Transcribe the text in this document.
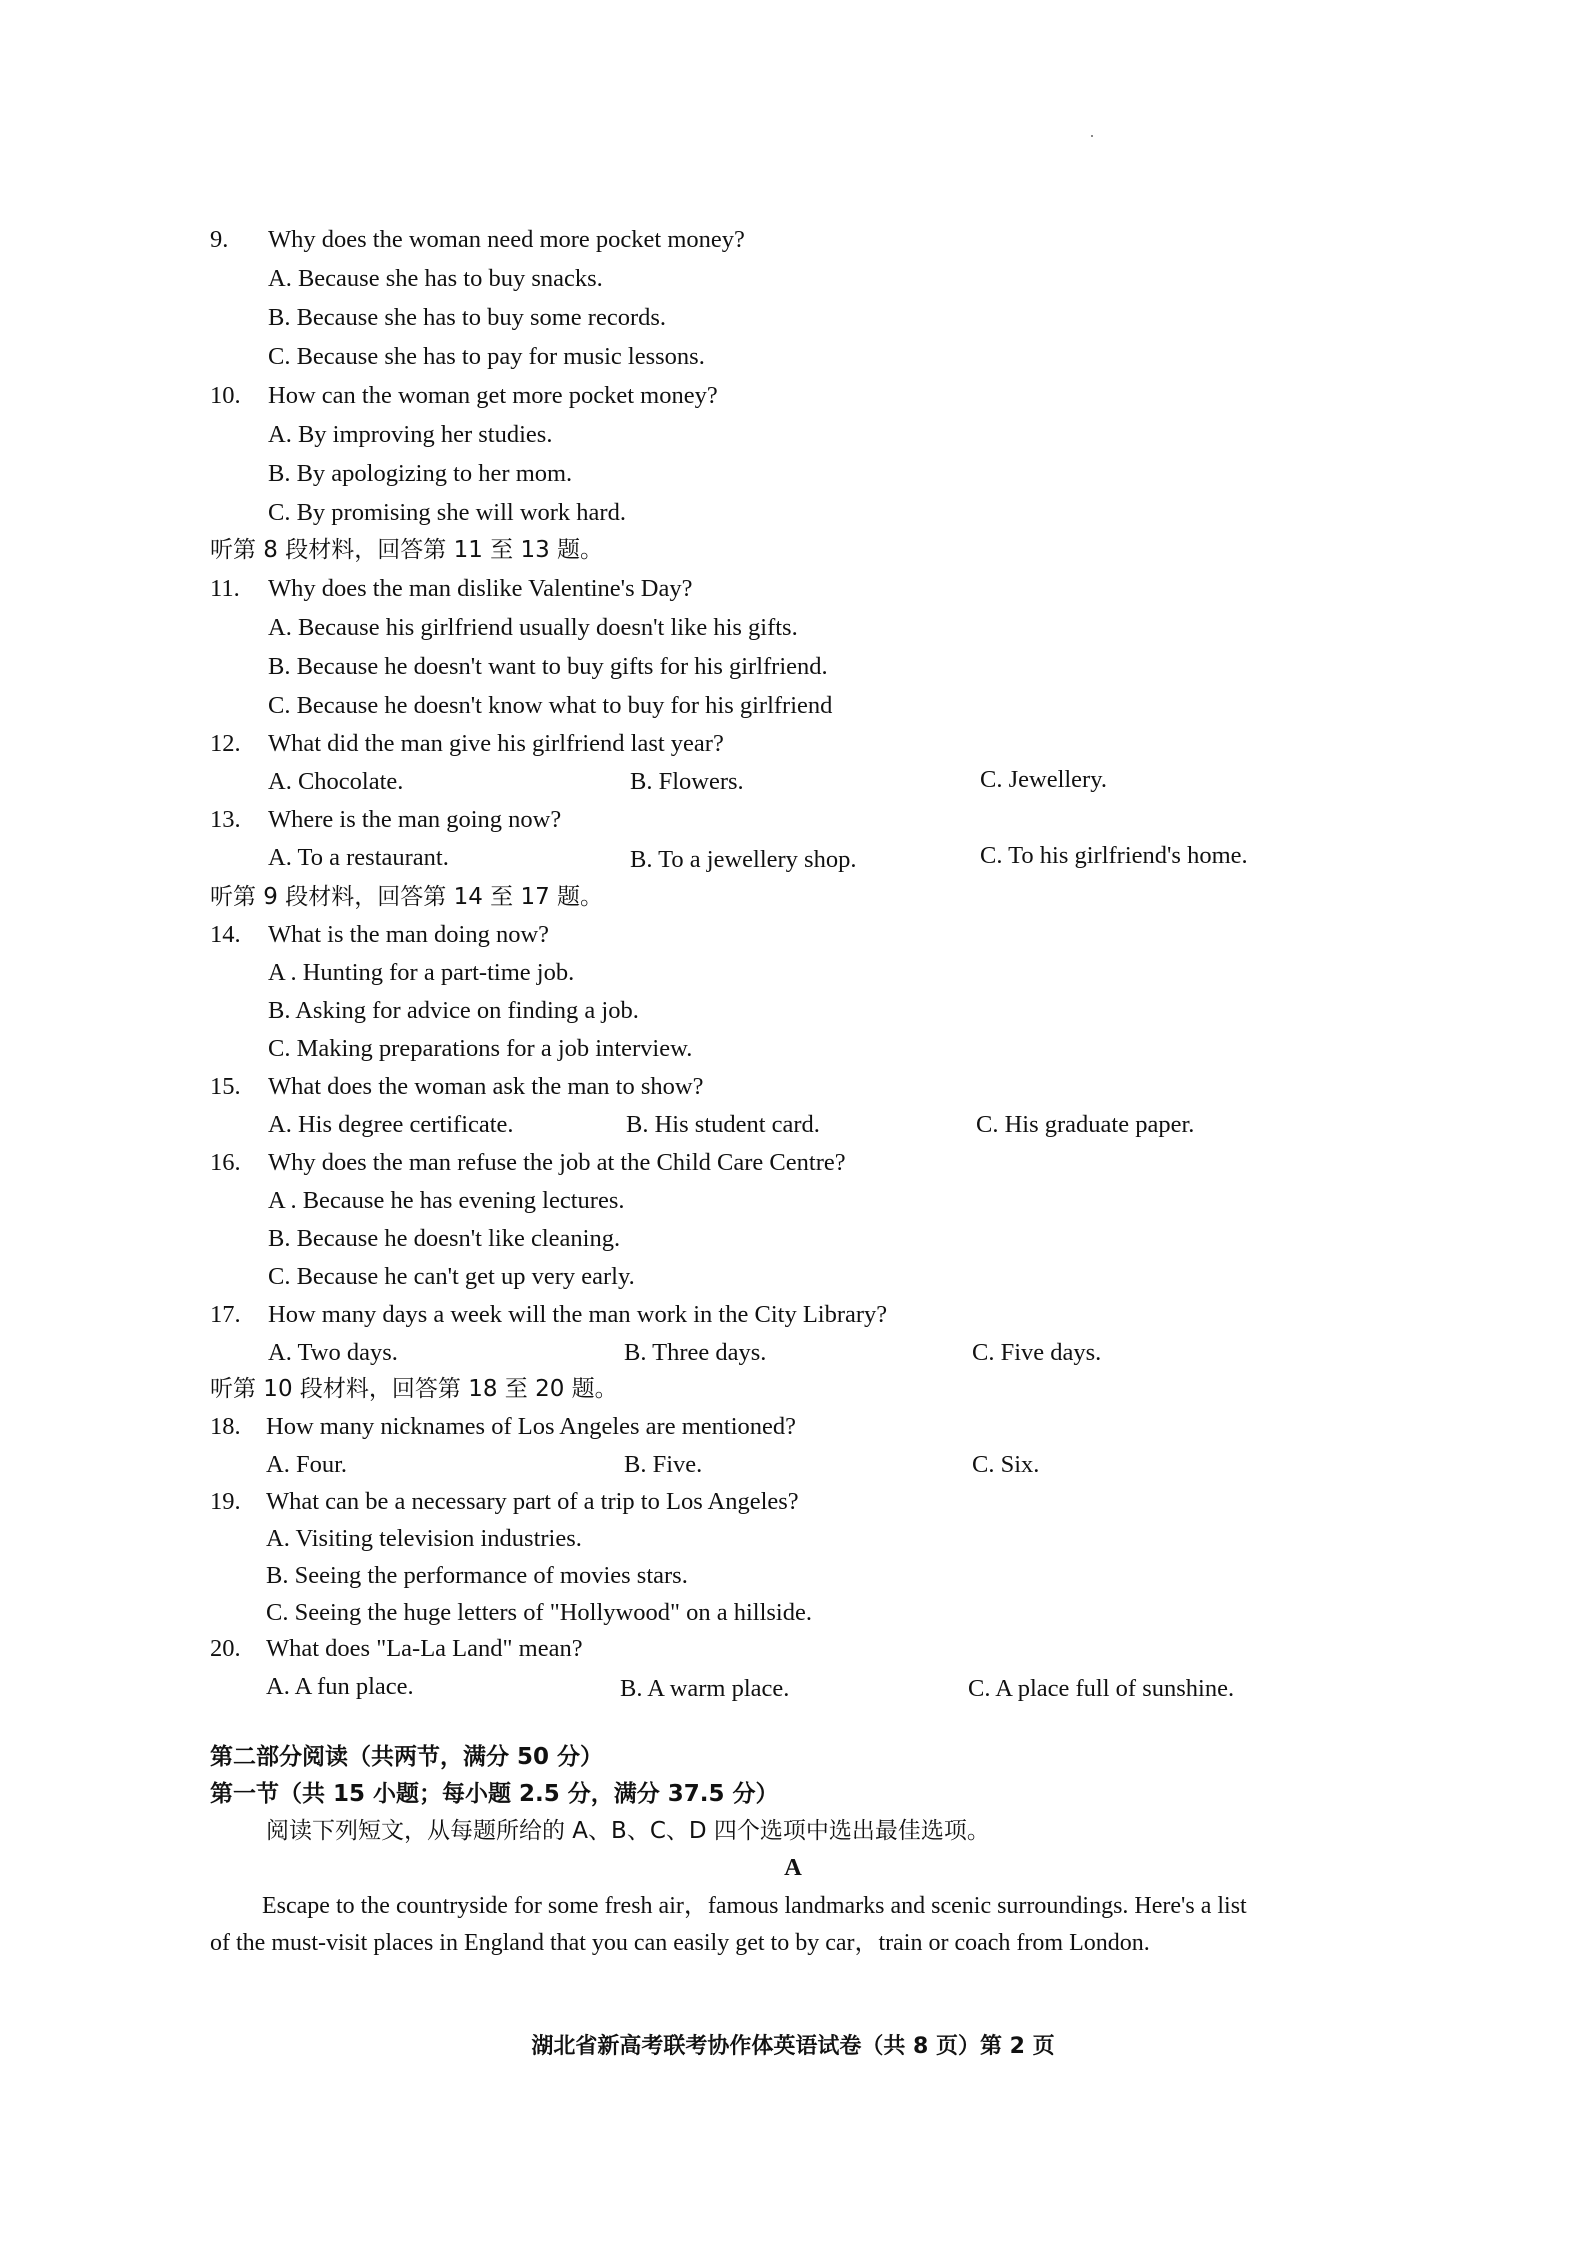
9. Why does the woman need more pocket money?
A. Because she has to buy snacks.
B. Because she has to buy some records.
C. Because she has to pay for music lessons.
10. How can the woman get more pocket money?
A. By improving her studies.
B. By apologizing to her mom.
C. By promising she will work hard.
听第 8 段材料，回答第 11 至 13 题。
11. Why does the man dislike Valentine's Day?
A. Because his girlfriend usually doesn't like his gifts.
B. Because he doesn't want to buy gifts for his girlfriend.
C. Because he doesn't know what to buy for his girlfriend
12. What did the man give his girlfriend last year?
A. Chocolate.	B. Flowers.	C. Jewellery.
13. Where is the man going now?
A. To a restaurant.	B. To a jewellery shop.	C. To his girlfriend's home.
听第 9 段材料，回答第 14 至 17 题。
14. What is the man doing now?
A . Hunting for a part-time job.
B. Asking for advice on finding a job.
C. Making preparations for a job interview.
15. What does the woman ask the man to show?
A. His degree certificate.	B. His student card.	C. His graduate paper.
16. Why does the man refuse the job at the Child Care Centre?
A . Because he has evening lectures.
B. Because he doesn't like cleaning.
C. Because he can't get up very early.
17. How many days a week will the man work in the City Library?
A. Two days.	B. Three days.	C. Five days.
听第 10 段材料，回答第 18 至 20 题。
18. How many nicknames of Los Angeles are mentioned?
A. Four.	B. Five.	C. Six.
19. What can be a necessary part of a trip to Los Angeles?
A. Visiting television industries.
B. Seeing the performance of movies stars.
C. Seeing the huge letters of "Hollywood" on a hillside.
20. What does "La-La Land" mean?
A. A fun place.	B. A warm place.	C. A place full of sunshine.
第二部分阅读（共两节，满分 50 分）
第一节（共 15 小题；每小题 2.5 分，满分 37.5 分）
阅读下列短文，从每题所给的 A、B、C、D 四个选项中选出最佳选项。
A
Escape to the countryside for some fresh air，famous landmarks and scenic surroundings. Here's a list
of the must-visit places in England that you can easily get to by car，train or coach from London.
湖北省新高考联考协作体英语试卷（共 8 页）第 2 页
